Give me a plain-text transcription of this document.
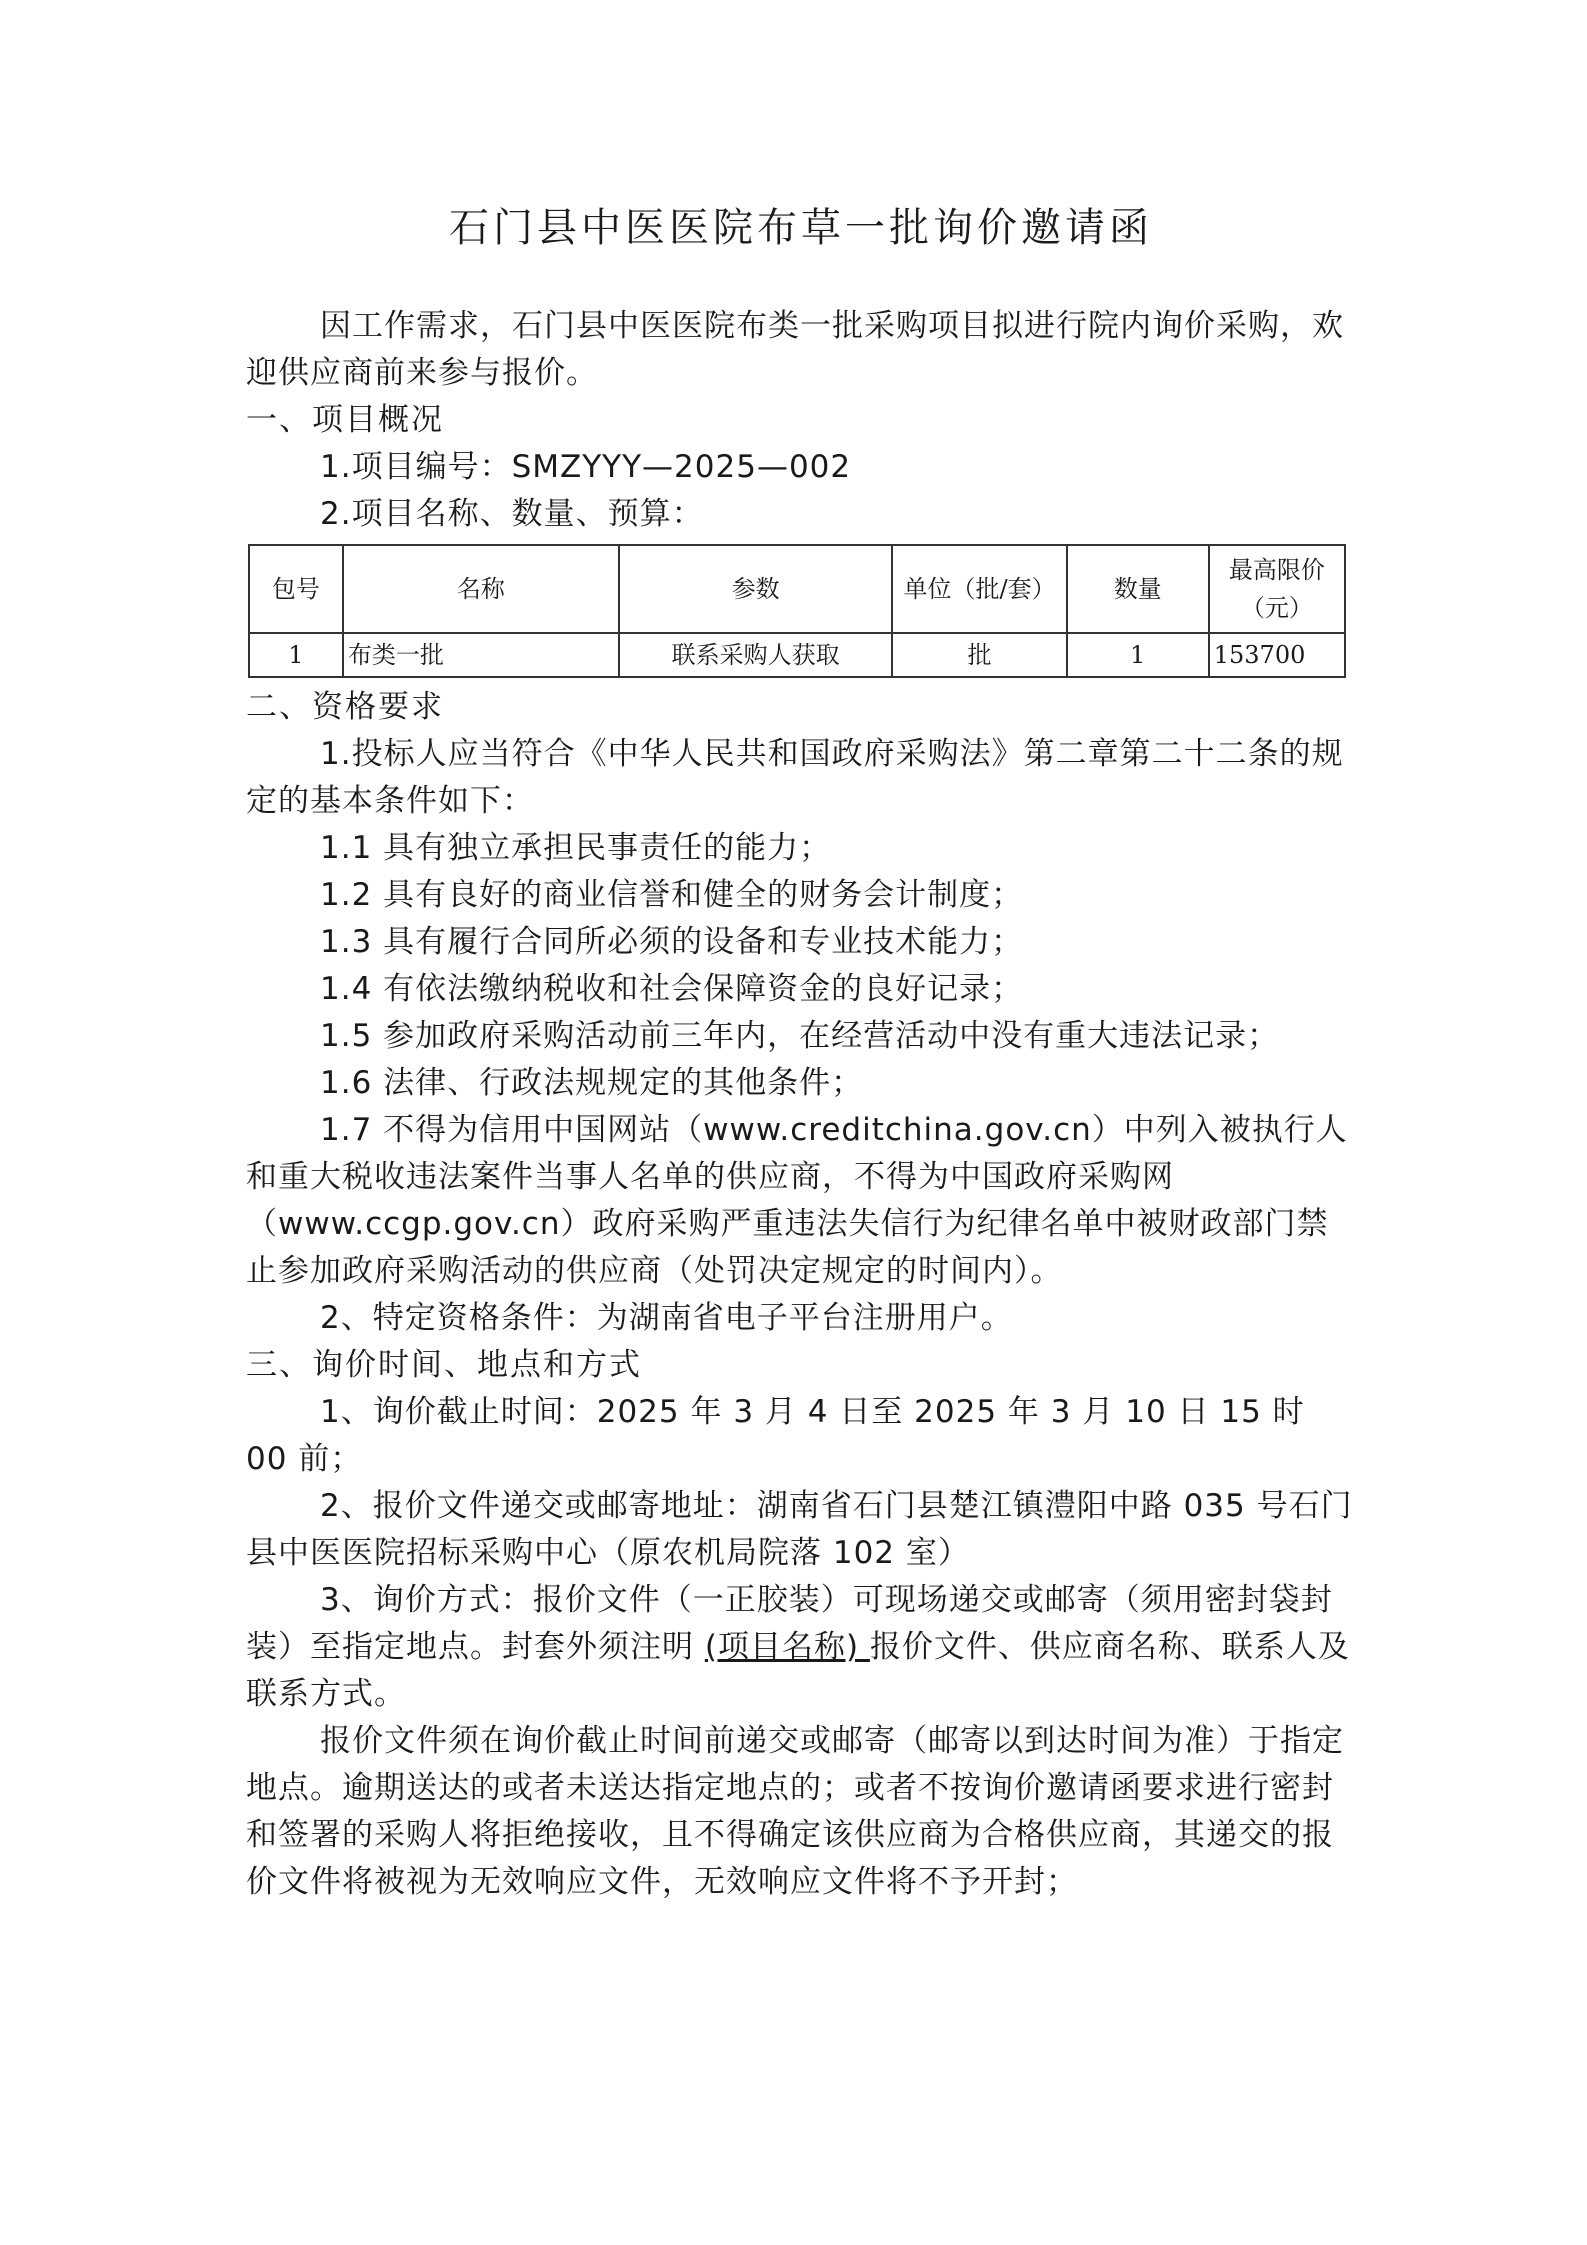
石门县中医医院布草一批询价邀请函

因工作需求，石门县中医医院布类一批采购项目拟进行院内询价采购，欢迎供应商前来参与报价。

一、项目概况

1.项目编号：SMZYYY—2025—002

2.项目名称、数量、预算：

包号	名称	参数	单位（批/套）	数量	最高限价（元）
1	布类一批	联系采购人获取	批	1	153700

二、资格要求

1.投标人应当符合《中华人民共和国政府采购法》第二章第二十二条的规定的基本条件如下：

1.1 具有独立承担民事责任的能力；

1.2 具有良好的商业信誉和健全的财务会计制度；

1.3 具有履行合同所必须的设备和专业技术能力；

1.4 有依法缴纳税收和社会保障资金的良好记录；

1.5 参加政府采购活动前三年内，在经营活动中没有重大违法记录；

1.6 法律、行政法规规定的其他条件；

1.7 不得为信用中国网站（www.creditchina.gov.cn）中列入被执行人和重大税收违法案件当事人名单的供应商，不得为中国政府采购网（www.ccgp.gov.cn）政府采购严重违法失信行为纪律名单中被财政部门禁止参加政府采购活动的供应商（处罚决定规定的时间内）。

2、特定资格条件：为湖南省电子平台注册用户。

三、询价时间、地点和方式

1、询价截止时间：2025 年 3 月 4 日至 2025 年 3 月 10 日 15 时 00 前；

2、报价文件递交或邮寄地址：湖南省石门县楚江镇澧阳中路 035 号石门县中医医院招标采购中心（原农机局院落 102 室）

3、询价方式：报价文件（一正胶装）可现场递交或邮寄（须用密封袋封装）至指定地点。封套外须注明 (项目名称) 报价文件、供应商名称、联系人及联系方式。

报价文件须在询价截止时间前递交或邮寄（邮寄以到达时间为准）于指定地点。逾期送达的或者未送达指定地点的；或者不按询价邀请函要求进行密封和签署的采购人将拒绝接收，且不得确定该供应商为合格供应商，其递交的报价文件将被视为无效响应文件，无效响应文件将不予开封；
